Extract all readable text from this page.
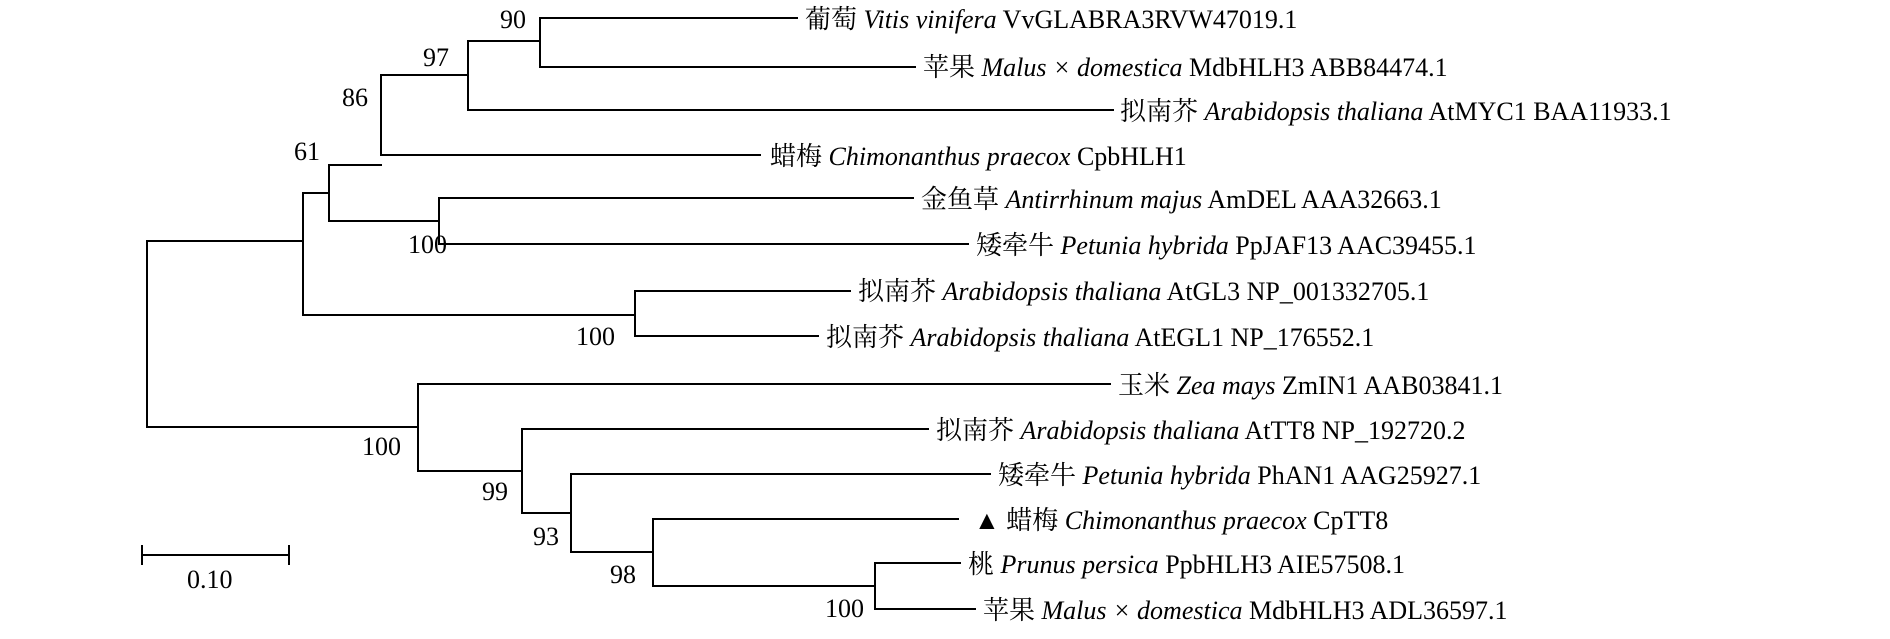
90
97
86
61
100
100
100
99
93
98
100
葡萄 Vitis vinifera VvGLABRA3RVW47019.1
苹果 Malus × domestica MdbHLH3 ABB84474.1
拟南芥 Arabidopsis thaliana AtMYC1 BAA11933.1
蜡梅 Chimonanthus praecox CpbHLH1
金鱼草 Antirrhinum majus AmDEL AAA32663.1
矮牵牛 Petunia hybrida PpJAF13 AAC39455.1
拟南芥 Arabidopsis thaliana AtGL3 NP_001332705.1
拟南芥 Arabidopsis thaliana AtEGL1 NP_176552.1
玉米 Zea mays ZmIN1 AAB03841.1
拟南芥 Arabidopsis thaliana AtTT8 NP_192720.2
矮牵牛 Petunia hybrida PhAN1 AAG25927.1
▲ 蜡梅 Chimonanthus praecox CpTT8
桃 Prunus persica PpbHLH3 AIE57508.1
苹果 Malus × domestica MdbHLH3 ADL36597.1
0.10
